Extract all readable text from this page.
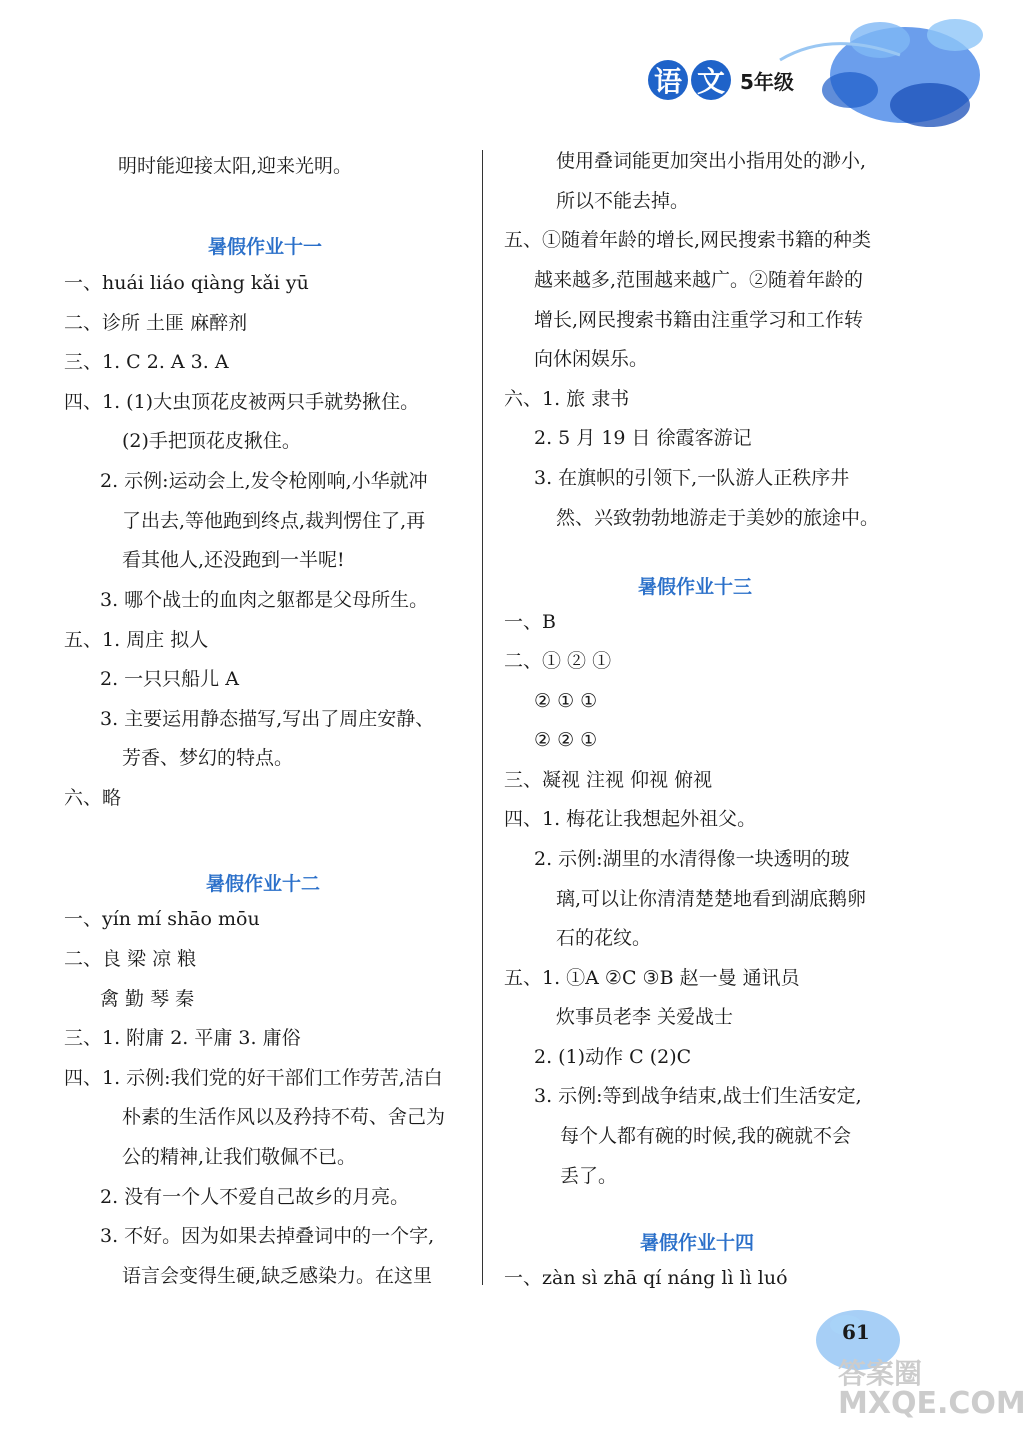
语 文 5年级
明时能迎接太阳,迎来光明。
暑假作业十一
一、huái liáo qiàng kǎi yū
二、诊所 土匪 麻醉剂
三、1. C 2. A 3. A
四、1. (1)大虫顶花皮被两只手就势揪住。
(2)手把顶花皮揪住。
2. 示例:运动会上,发令枪刚响,小华就冲
了出去,等他跑到终点,裁判愣住了,再
看其他人,还没跑到一半呢!
3. 哪个战士的血肉之躯都是父母所生。
五、1. 周庄 拟人
2. 一只只船儿 A
3. 主要运用静态描写,写出了周庄安静、
芳香、梦幻的特点。
六、略
暑假作业十二
一、yín mí shāo mōu
二、良 梁 凉 粮
禽 勤 琴 秦
三、1. 附庸 2. 平庸 3. 庸俗
四、1. 示例:我们党的好干部们工作劳苦,洁白
朴素的生活作风以及矜持不苟、舍己为
公的精神,让我们敬佩不已。
2. 没有一个人不爱自己故乡的月亮。
3. 不好。因为如果去掉叠词中的一个字,
语言会变得生硬,缺乏感染力。在这里
使用叠词能更加突出小指用处的渺小,
所以不能去掉。
五、①随着年龄的增长,网民搜索书籍的种类
越来越多,范围越来越广。②随着年龄的
增长,网民搜索书籍由注重学习和工作转
向休闲娱乐。
六、1. 旅 隶书
2. 5 月 19 日 徐霞客游记
3. 在旗帜的引领下,一队游人正秩序井
然、兴致勃勃地游走于美妙的旅途中。
暑假作业十三
一、B
二、① ② ①
② ① ①
② ② ①
三、凝视 注视 仰视 俯视
四、1. 梅花让我想起外祖父。
2. 示例:湖里的水清得像一块透明的玻
璃,可以让你清清楚楚地看到湖底鹅卵
石的花纹。
五、1. ①A ②C ③B 赵一曼 通讯员
炊事员老李 关爱战士
2. (1)动作 C (2)C
3. 示例:等到战争结束,战士们生活安定,
每个人都有碗的时候,我的碗就不会
丢了。
暑假作业十四
一、zàn sì zhā qí náng lì lì luó
61
答案圈
MXQE.COM
